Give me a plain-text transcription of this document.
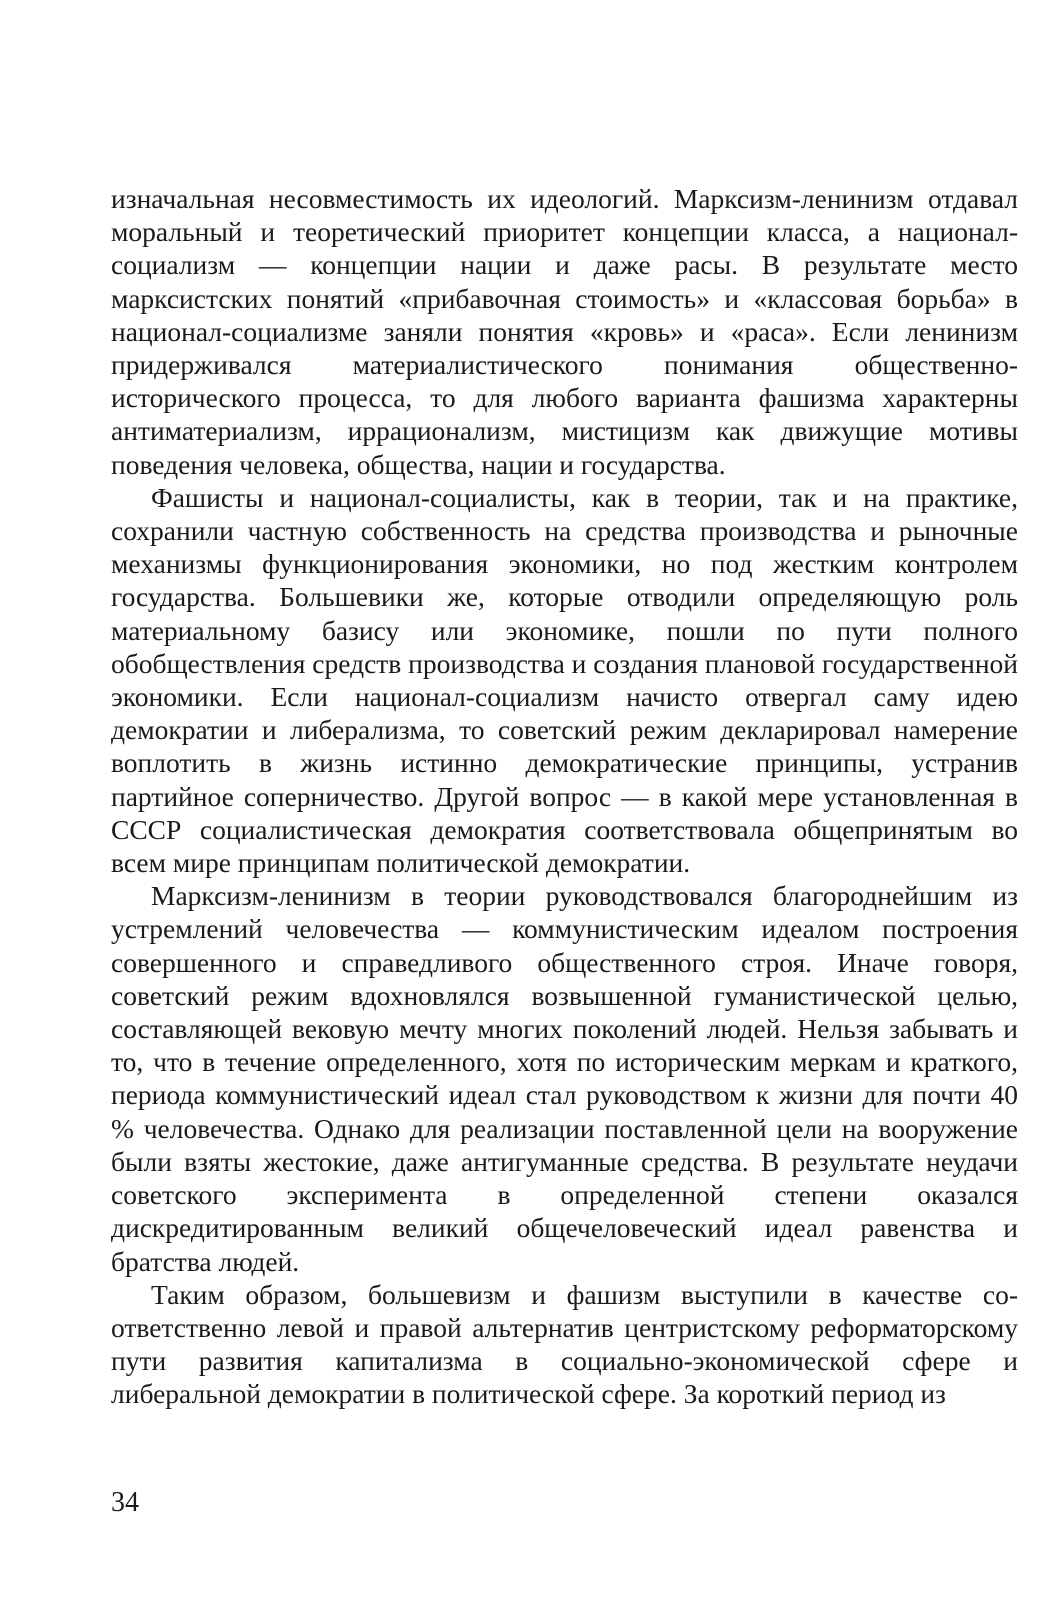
изначальная несовместимость их идеологий. Марксизм-ленинизм отдавал моральный и теоретический приоритет концепции класса, а национал-социализм — концепции нации и даже расы. В результате место марксистских понятий «прибавочная стоимость» и «классовая борьба» в национал-социализме заняли понятия «кровь» и «раса». Если ленинизм придерживался материалистического понимания общественно-исторического процесса, то для любого варианта фашизма характерны антиматериализм, иррационализм, мистицизм как движущие мотивы поведения человека, общества, нации и государства.

Фашисты и национал-социалисты, как в теории, так и на практике, сохранили частную собственность на средства производства и рыночные механизмы функционирования экономики, но под жестким контролем государства. Большевики же, которые отводили определяющую роль материальному базису или экономике, пошли по пути полного обобществления средств производства и создания плановой государственной экономики. Если национал-социализм начисто отвергал саму идею демократии и либерализма, то советский режим декларировал намерение воплотить в жизнь истинно демократические принципы, устранив партийное соперничество. Другой вопрос — в какой мере установленная в СССР социалистическая демократия соответствовала общепринятым во всем мире принципам политической демократии.

Марксизм-ленинизм в теории руководствовался благороднейшим из устремлений человечества — коммунистическим идеалом построения совершенного и справедливого общественного строя. Иначе говоря, советский режим вдохновлялся возвышенной гуманистической целью, составляющей вековую мечту многих поколений людей. Нельзя забывать и то, что в течение определенного, хотя по историческим меркам и краткого, периода коммунистический идеал стал руководством к жизни для почти 40 % человечества. Однако для реализации поставленной цели на вооружение были взяты жестокие, даже антигуманные средства. В результате неудачи советского эксперимента в определенной степени оказался дискредитированным великий общечеловеческий идеал равенства и братства людей.

Таким образом, большевизм и фашизм выступили в качестве соответственно левой и правой альтернатив центристскому реформаторскому пути развития капитализма в социально-экономической сфере и либеральной демократии в политической сфере. За короткий период из

34
